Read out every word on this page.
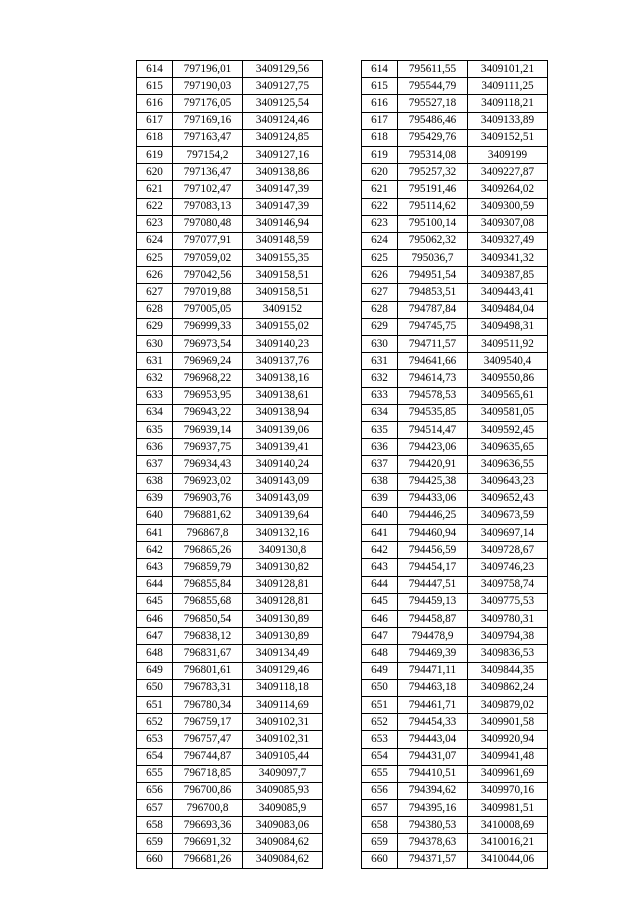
614	797196,01	3409129,56
615	797190,03	3409127,75
616	797176,05	3409125,54
617	797169,16	3409124,46
618	797163,47	3409124,85
619	797154,2	3409127,16
620	797136,47	3409138,86
621	797102,47	3409147,39
622	797083,13	3409147,39
623	797080,48	3409146,94
624	797077,91	3409148,59
625	797059,02	3409155,35
626	797042,56	3409158,51
627	797019,88	3409158,51
628	797005,05	3409152
629	796999,33	3409155,02
630	796973,54	3409140,23
631	796969,24	3409137,76
632	796968,22	3409138,16
633	796953,95	3409138,61
634	796943,22	3409138,94
635	796939,14	3409139,06
636	796937,75	3409139,41
637	796934,43	3409140,24
638	796923,02	3409143,09
639	796903,76	3409143,09
640	796881,62	3409139,64
641	796867,8	3409132,16
642	796865,26	3409130,8
643	796859,79	3409130,82
644	796855,84	3409128,81
645	796855,68	3409128,81
646	796850,54	3409130,89
647	796838,12	3409130,89
648	796831,67	3409134,49
649	796801,61	3409129,46
650	796783,31	3409118,18
651	796780,34	3409114,69
652	796759,17	3409102,31
653	796757,47	3409102,31
654	796744,87	3409105,44
655	796718,85	3409097,7
656	796700,86	3409085,93
657	796700,8	3409085,9
658	796693,36	3409083,06
659	796691,32	3409084,62
660	796681,26	3409084,62
614	795611,55	3409101,21
615	795544,79	3409111,25
616	795527,18	3409118,21
617	795486,46	3409133,89
618	795429,76	3409152,51
619	795314,08	3409199
620	795257,32	3409227,87
621	795191,46	3409264,02
622	795114,62	3409300,59
623	795100,14	3409307,08
624	795062,32	3409327,49
625	795036,7	3409341,32
626	794951,54	3409387,85
627	794853,51	3409443,41
628	794787,84	3409484,04
629	794745,75	3409498,31
630	794711,57	3409511,92
631	794641,66	3409540,4
632	794614,73	3409550,86
633	794578,53	3409565,61
634	794535,85	3409581,05
635	794514,47	3409592,45
636	794423,06	3409635,65
637	794420,91	3409636,55
638	794425,38	3409643,23
639	794433,06	3409652,43
640	794446,25	3409673,59
641	794460,94	3409697,14
642	794456,59	3409728,67
643	794454,17	3409746,23
644	794447,51	3409758,74
645	794459,13	3409775,53
646	794458,87	3409780,31
647	794478,9	3409794,38
648	794469,39	3409836,53
649	794471,11	3409844,35
650	794463,18	3409862,24
651	794461,71	3409879,02
652	794454,33	3409901,58
653	794443,04	3409920,94
654	794431,07	3409941,48
655	794410,51	3409961,69
656	794394,62	3409970,16
657	794395,16	3409981,51
658	794380,53	3410008,69
659	794378,63	3410016,21
660	794371,57	3410044,06
